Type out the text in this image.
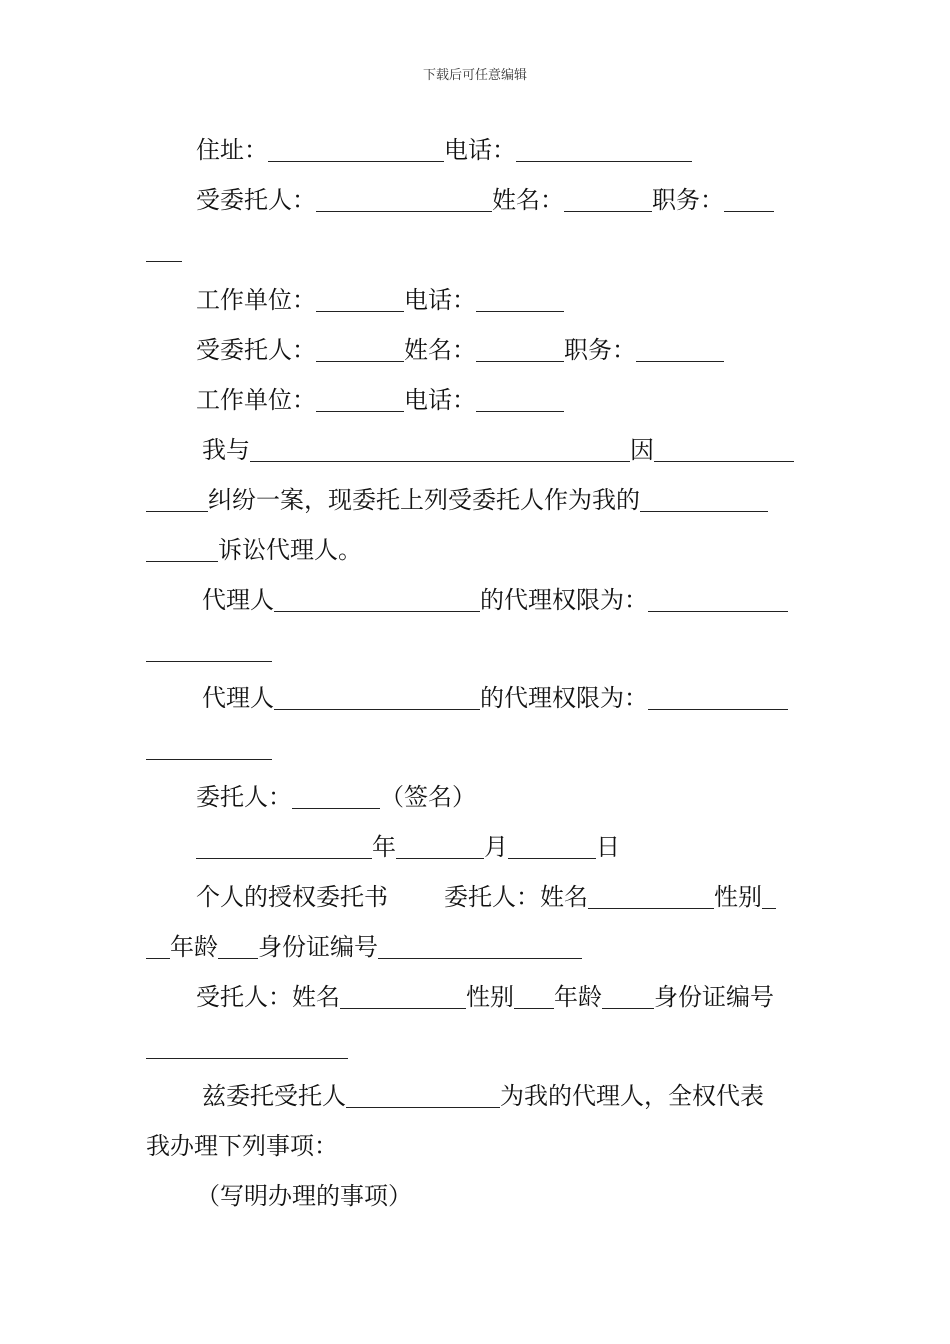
下载后可任意编辑
住址：	电话：
受委托人：	姓名：	职务：
工作单位：	电话：
受委托人：	姓名：	职务：
工作单位：	电话：
我与	因
纠纷一案，现委托上列受委托人作为我的
诉讼代理人。
代理人	的代理权限为：
代理人	的代理权限为：
委托人：	（签名）
年	月	日
个人的授权委托书 委托人：姓名	性别
年龄 身份证编号
受托人：姓名	性别 年龄 身份证编号
兹委托受托人	为我的代理人，全权代表
我办理下列事项：
（写明办理的事项）
